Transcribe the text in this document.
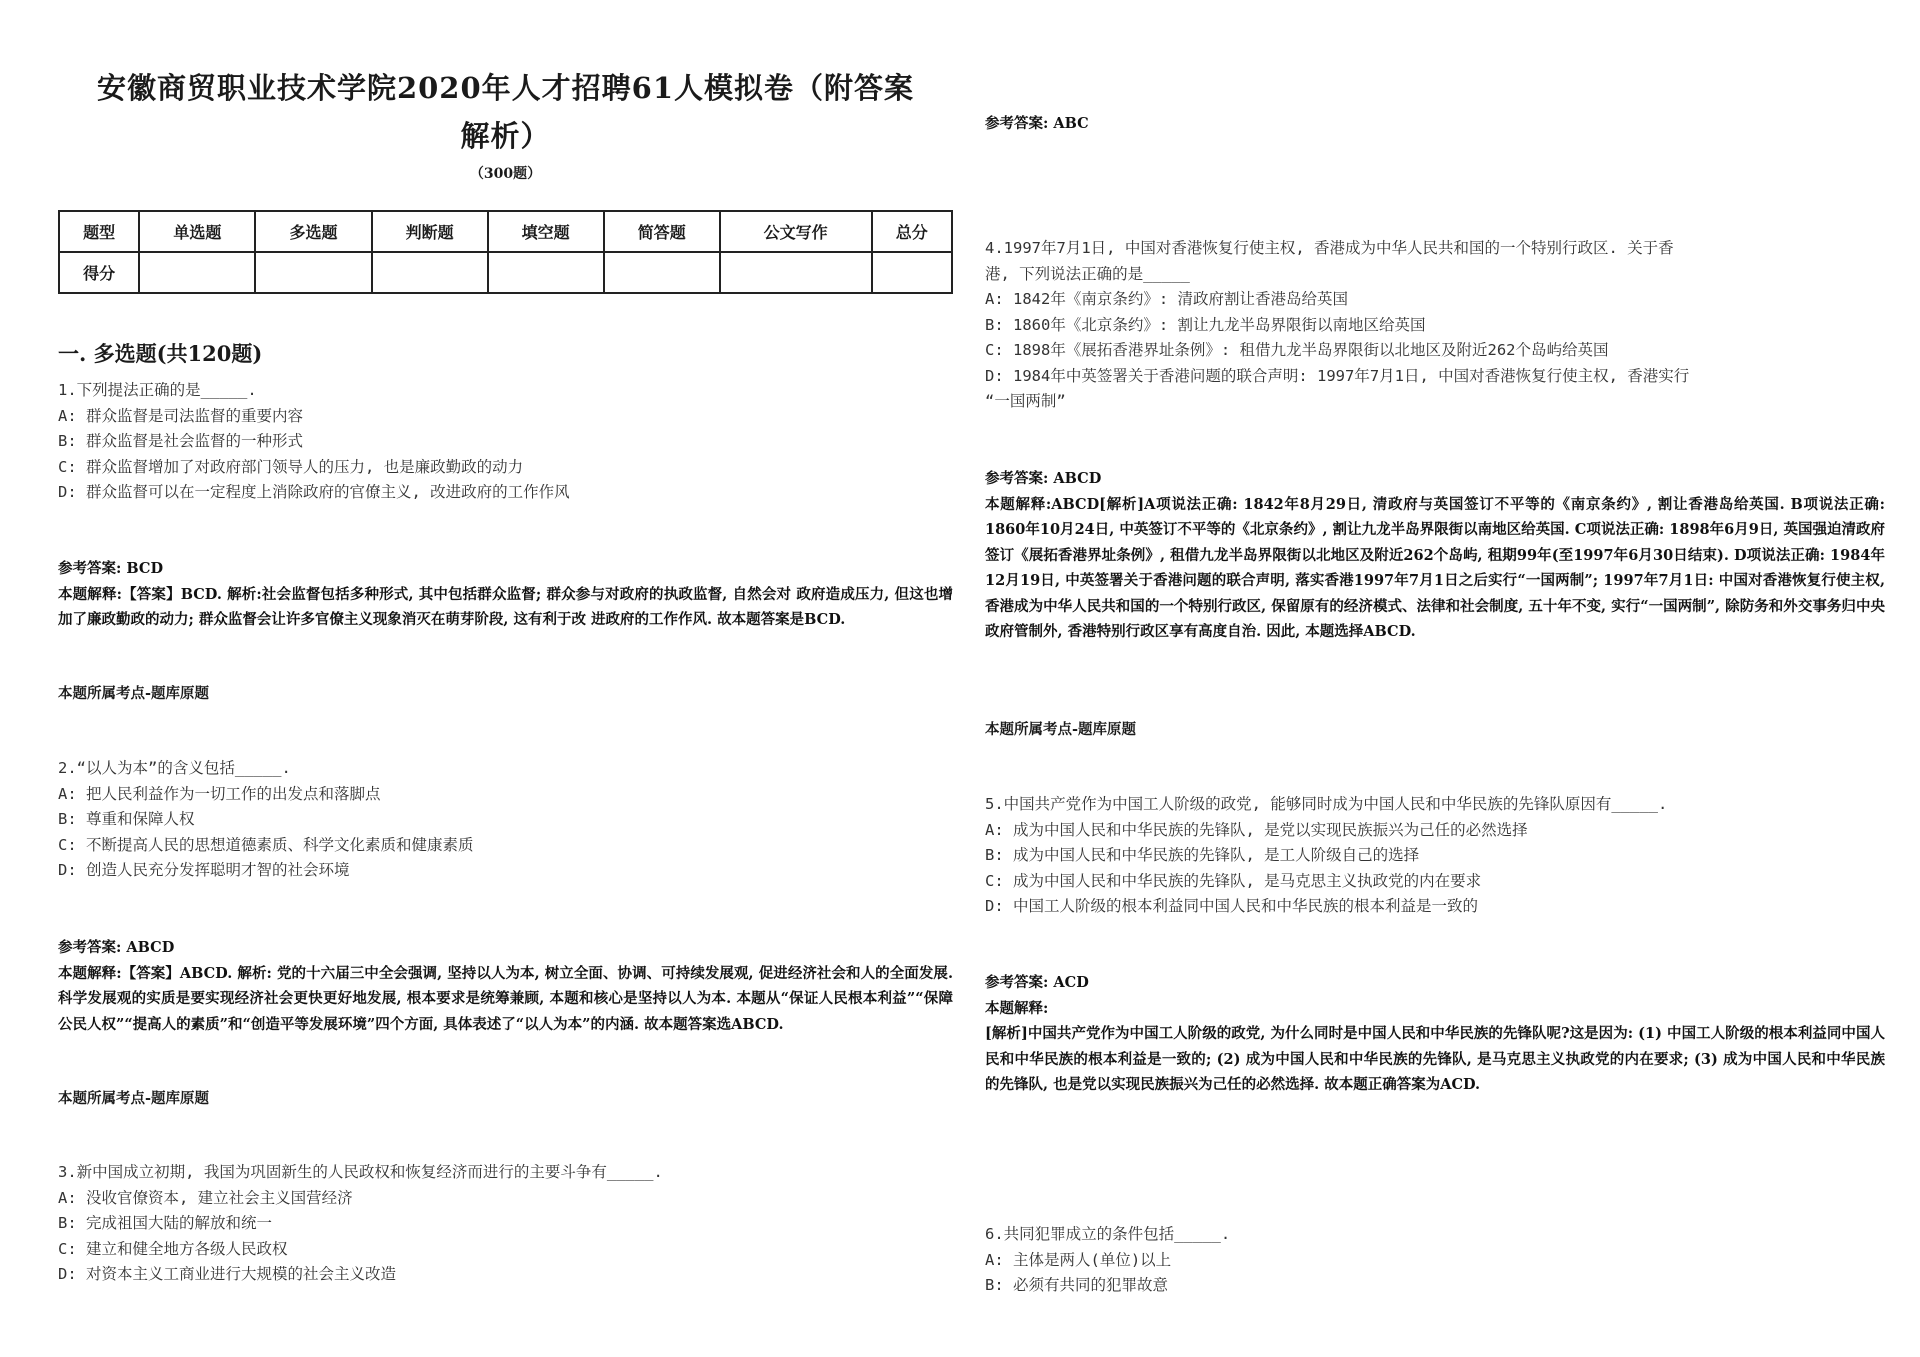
安徽商贸职业技术学院2020年人才招聘61人模拟卷（附答案
解析）
（300题）
题型	单选题	多选题	判断题	填空题	简答题	公文写作	总分
得分							
一. 多选题(共120题)
1.下列提法正确的是_____.
A: 群众监督是司法监督的重要内容
B: 群众监督是社会监督的一种形式
C: 群众监督增加了对政府部门领导人的压力, 也是廉政勤政的动力
D: 群众监督可以在一定程度上消除政府的官僚主义, 改进政府的工作作风
参考答案: BCD
本题解释:【答案】BCD. 解析:社会监督包括多种形式, 其中包括群众监督; 群众参与对政府的执政监督, 自然会对 政府造成压力, 但这也增加了廉政勤政的动力; 群众监督会让许多官僚主义现象消灭在萌芽阶段, 这有利于改 进政府的工作作风. 故本题答案是BCD.
本题所属考点-题库原题
2.“以人为本”的含义包括_____.
A: 把人民利益作为一切工作的出发点和落脚点
B: 尊重和保障人权
C: 不断提高人民的思想道德素质、科学文化素质和健康素质
D: 创造人民充分发挥聪明才智的社会环境
参考答案: ABCD
本题解释:【答案】ABCD. 解析: 党的十六届三中全会强调, 坚持以人为本, 树立全面、协调、可持续发展观, 促进经济社会和人的全面发展. 科学发展观的实质是要实现经济社会更快更好地发展, 根本要求是统筹兼顾, 本题和核心是坚持以人为本. 本题从“保证人民根本利益”“保障公民人权”“提高人的素质”和“创造平等发展环境”四个方面, 具体表述了“以人为本”的内涵. 故本题答案选ABCD.
本题所属考点-题库原题
3.新中国成立初期, 我国为巩固新生的人民政权和恢复经济而进行的主要斗争有_____.
A: 没收官僚资本, 建立社会主义国营经济
B: 完成祖国大陆的解放和统一
C: 建立和健全地方各级人民政权
D: 对资本主义工商业进行大规模的社会主义改造
参考答案: ABC
4.1997年7月1日, 中国对香港恢复行使主权, 香港成为中华人民共和国的一个特别行政区. 关于香
港, 下列说法正确的是_____
A: 1842年《南京条约》: 清政府割让香港岛给英国
B: 1860年《北京条约》: 割让九龙半岛界限街以南地区给英国
C: 1898年《展拓香港界址条例》: 租借九龙半岛界限街以北地区及附近262个岛屿给英国
D: 1984年中英签署关于香港问题的联合声明: 1997年7月1日, 中国对香港恢复行使主权, 香港实行
“一国两制”
参考答案: ABCD
本题解释:ABCD[解析]A项说法正确: 1842年8月29日, 清政府与英国签订不平等的《南京条约》, 割让香港岛给英国. B项说法正确: 1860年10月24日, 中英签订不平等的《北京条约》, 割让九龙半岛界限街以南地区给英国. C项说法正确: 1898年6月9日, 英国强迫清政府签订《展拓香港界址条例》, 租借九龙半岛界限街以北地区及附近262个岛屿, 租期99年(至1997年6月30日结束). D项说法正确: 1984年12月19日, 中英签署关于香港问题的联合声明, 落实香港1997年7月1日之后实行“一国两制”; 1997年7月1日: 中国对香港恢复行使主权, 香港成为中华人民共和国的一个特别行政区, 保留原有的经济模式、法律和社会制度, 五十年不变, 实行“一国两制”, 除防务和外交事务归中央政府管制外, 香港特别行政区享有高度自治. 因此, 本题选择ABCD.
本题所属考点-题库原题
5.中国共产党作为中国工人阶级的政党, 能够同时成为中国人民和中华民族的先锋队原因有_____.
A: 成为中国人民和中华民族的先锋队, 是党以实现民族振兴为己任的必然选择
B: 成为中国人民和中华民族的先锋队, 是工人阶级自己的选择
C: 成为中国人民和中华民族的先锋队, 是马克思主义执政党的内在要求
D: 中国工人阶级的根本利益同中国人民和中华民族的根本利益是一致的
参考答案: ACD
本题解释:
[解析]中国共产党作为中国工人阶级的政党, 为什么同时是中国人民和中华民族的先锋队呢?这是因为: (1) 中国工人阶级的根本利益同中国人民和中华民族的根本利益是一致的; (2) 成为中国人民和中华民族的先锋队, 是马克思主义执政党的内在要求; (3) 成为中国人民和中华民族的先锋队, 也是党以实现民族振兴为己任的必然选择. 故本题正确答案为ACD.
6.共同犯罪成立的条件包括_____.
A: 主体是两人(单位)以上
B: 必须有共同的犯罪故意
